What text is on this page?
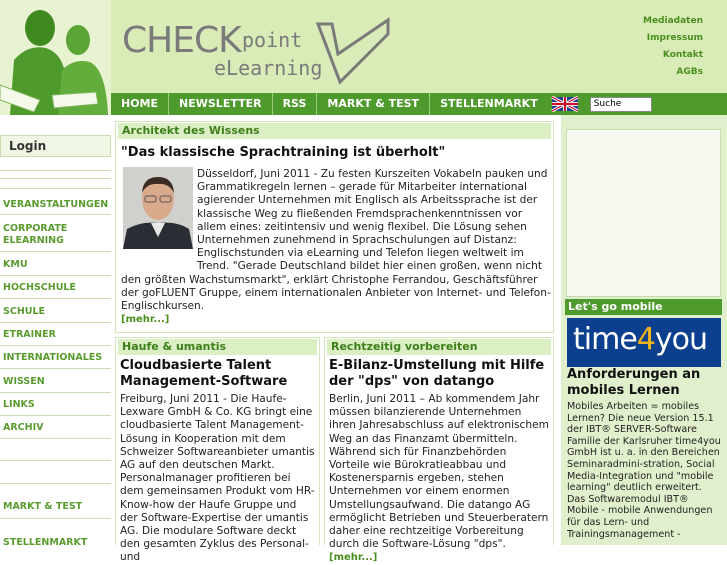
CHECK point
eLearning
Mediadaten
Impressum
Kontakt
AGBs
HOME	NEWSLETTER	RSS	MARKT & TEST	STELLENMARKT
Suche
Login
VERANSTALTUNGEN
CORPORATE ELEARNING
KMU
HOCHSCHULE
SCHULE
ETRAINER
INTERNATIONALES
WISSEN
LINKS
ARCHIV
MARKT & TEST
STELLENMARKT
Architekt des Wissens
"Das klassische Sprachtraining ist überholt"

Düsseldorf, Juni 2011 - Zu festen Kurszeiten Vokabeln pauken und Grammatikregeln lernen – gerade für Mitarbeiter international agierender Unternehmen mit Englisch als Arbeitssprache ist der klassische Weg zu fließenden Fremdsprachenkenntnissen vor allem eines: zeitintensiv und wenig flexibel. Die Lösung sehen Unternehmen zunehmend in Sprachschulungen auf Distanz: Englischstunden via eLearning und Telefon liegen weltweit im Trend. "Gerade Deutschland bildet hier einen großen, wenn nicht den größten Wachstumsmarkt", erklärt Christophe Ferrandou, Geschäftsführer der goFLUENT Gruppe, einem internationalen Anbieter von Internet- und Telefon-Englischkursen.
[mehr...]

Haufe & umantis
Cloudbasierte Talent Management-Software

Freiburg, Juni 2011 - Die Haufe-Lexware GmbH & Co. KG bringt eine cloudbasierte Talent Management-Lösung in Kooperation mit dem Schweizer Softwareanbieter umantis AG auf den deutschen Markt. Personalmanager profitieren bei dem gemeinsamen Produkt vom HR-Know-how der Haufe Gruppe und der Software-Expertise der umantis AG. Die modulare Software deckt den gesamten Zyklus des Personal- und

Rechtzeitig vorbereiten
E-Bilanz-Umstellung mit Hilfe der "dps" von datango

Berlin, Juni 2011 – Ab kommendem Jahr müssen bilanzierende Unternehmen ihren Jahresabschluss auf elektronischem Weg an das Finanzamt übermitteln. Während sich für Finanzbehörden Vorteile wie Bürokratieabbau und Kostenersparnis ergeben, stehen Unternehmen vor einem enormen Umstellungsaufwand. Die datango AG ermöglicht Betrieben und Steuerberatern daher eine rechtzeitige Vorbereitung durch die Software-Lösung "dps". [mehr...]

Let's go mobile
time4you
Anforderungen an mobiles Lernen
Mobiles Arbeiten = mobiles Lernen? Die neue Version 15.1 der IBT® SERVER-Software Familie der Karlsruher time4you GmbH ist u. a. in den Bereichen Seminaradmini-stration, Social Media-Integration und "mobile learning" deutlich erweitert. Das Softwaremodul IBT® Mobile - mobile Anwendungen für das Lern- und Trainingsmanagement -
